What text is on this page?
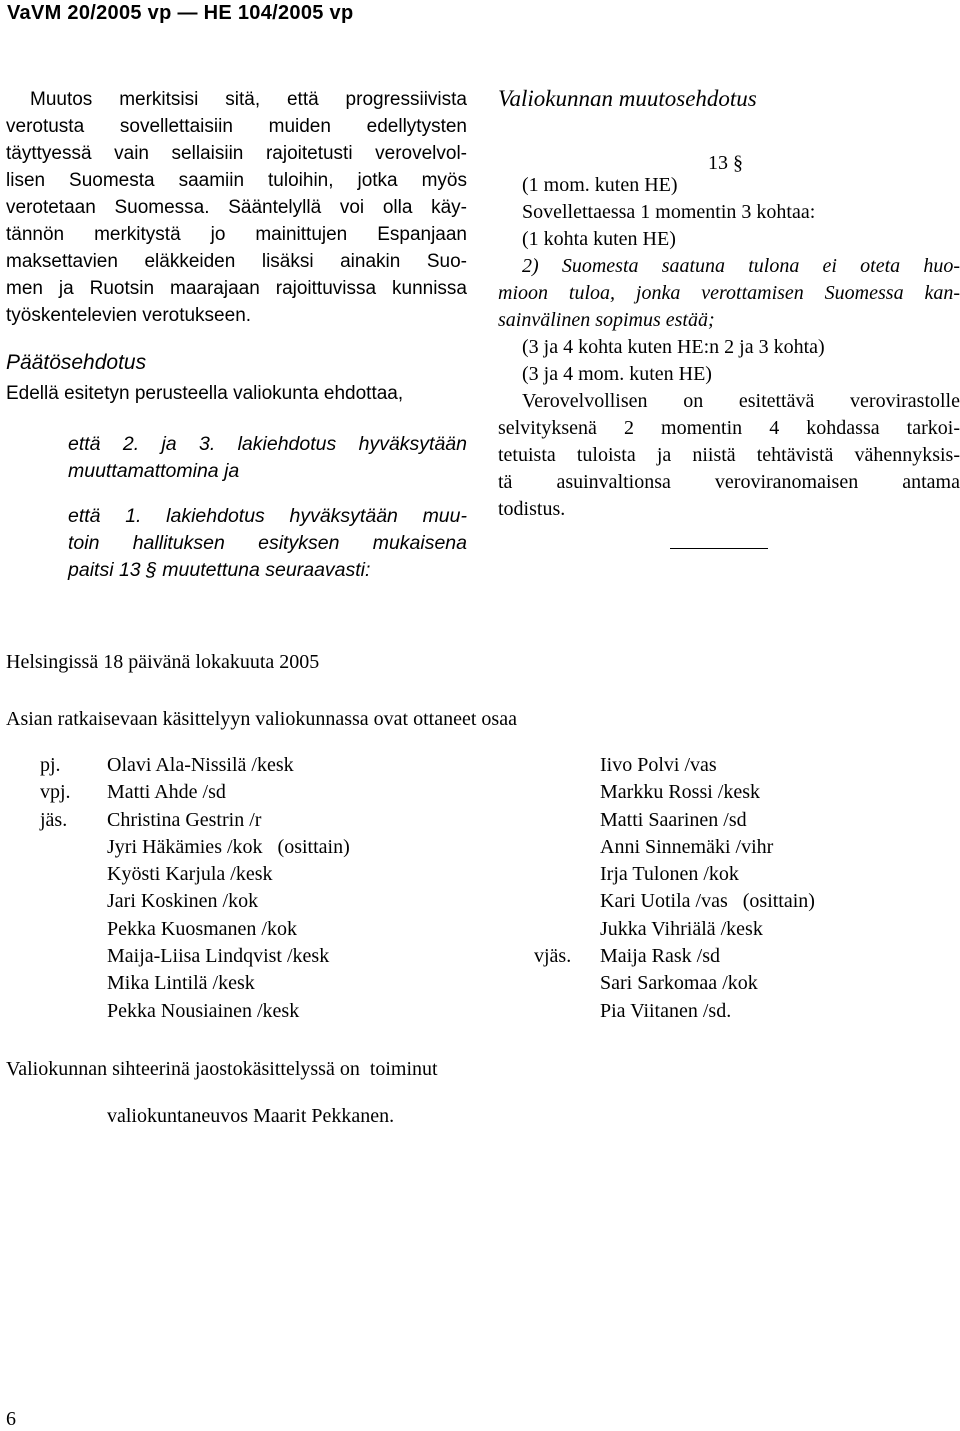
VaVM 20/2005 vp — HE 104/2005 vp
Muutos merkitsisi sitä, että progressiivista
verotusta sovellettaisiin muiden edellytysten
täyttyessä vain sellaisiin rajoitetusti verovelvol-
lisen Suomesta saamiin tuloihin, jotka myös
verotetaan Suomessa. Sääntelyllä voi olla käy-
tännön merkitystä jo mainittujen Espanjaan
maksettavien eläkkeiden lisäksi ainakin Suo-
men ja Ruotsin maarajaan rajoittuvissa kunnissa
työskentelevien verotukseen.
Päätösehdotus
Edellä esitetyn perusteella valiokunta ehdottaa,
että 2. ja 3. lakiehdotus hyväksytään
muuttamattomina ja
että 1. lakiehdotus hyväksytään muu-
toin hallituksen esityksen mukaisena
paitsi 13 § muutettuna seuraavasti:
Valiokunnan muutosehdotus
13 §
(1 mom. kuten HE)
Sovellettaessa 1 momentin 3 kohtaa:
(1 kohta kuten HE)
2) Suomesta saatuna tulona ei oteta huo-
mioon tuloa, jonka verottamisen Suomessa kan-
sainvälinen sopimus estää;
(3 ja 4 kohta kuten HE:n 2 ja 3 kohta)
(3 ja 4 mom. kuten HE)
Verovelvollisen on esitettävä verovirastolle
selvityksenä 2 momentin 4 kohdassa tarkoi-
tetuista tuloista ja niistä tehtävistä vähennyksis-
tä asuinvaltionsa veroviranomaisen antama
todistus.
Helsingissä 18 päivänä lokakuuta 2005
Asian ratkaisevaan käsittelyyn valiokunnassa ovat ottaneet osaa
pj. Olavi Ala-Nissilä /kesk
vpj. Matti Ahde /sd
jäs. Christina Gestrin /r
Jyri Häkämies /kok   (osittain)
Kyösti Karjula /kesk
Jari Koskinen /kok
Pekka Kuosmanen /kok
Maija-Liisa Lindqvist /kesk
Mika Lintilä /kesk
Pekka Nousiainen /kesk
Iivo Polvi /vas
Markku Rossi /kesk
Matti Saarinen /sd
Anni Sinnemäki /vihr
Irja Tulonen /kok
Kari Uotila /vas   (osittain)
Jukka Vihriälä /kesk
vjäs. Maija Rask /sd
Sari Sarkomaa /kok
Pia Viitanen /sd.
Valiokunnan sihteerinä jaostokäsittelyssä on  toiminut
valiokuntaneuvos Maarit Pekkanen.
6
